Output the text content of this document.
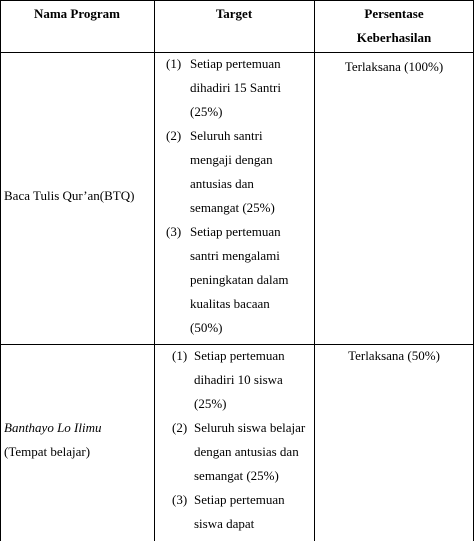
Nama Program	Target	Persentase
Keberhasilan
Baca Tulis Qur’an(BTQ)
Terlaksana (100%)
(1) Setiap pertemuan
dihadiri 15 Santri
(25%)
(2) Seluruh santri
mengaji dengan
antusias dan
semangat (25%)
(3) Setiap pertemuan
santri mengalami
peningkatan dalam
kualitas bacaan
(50%)
Banthayo Lo Ilimu
(Tempat belajar)
Terlaksana (50%)
(1) Setiap pertemuan
dihadiri 10 siswa
(25%)
(2) Seluruh siswa belajar
dengan antusias dan
semangat (25%)
(3) Setiap pertemuan
siswa dapat
